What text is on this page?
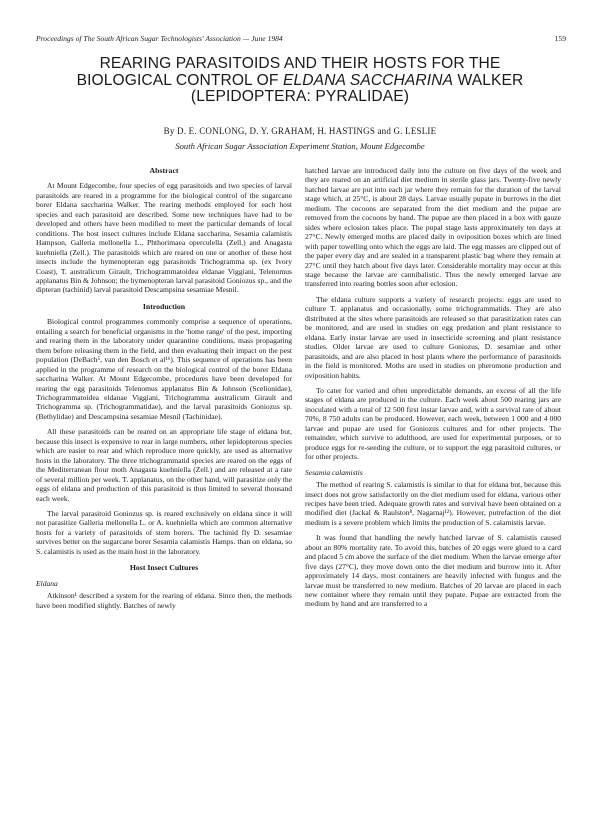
Proceedings of The South African Sugar Technologists' Association — June 1984	159
REARING PARASITOIDS AND THEIR HOSTS FOR THE
BIOLOGICAL CONTROL OF ELDANA SACCHARINA WALKER
(LEPIDOPTERA: PYRALIDAE)
By D. E. CONLONG, D. Y. GRAHAM, H. HASTINGS and G. LESLIE
South African Sugar Association Experiment Station, Mount Edgecombe
Abstract

At Mount Edgecombe, four species of egg parasitoids and two species of larval parasitoids are reared in a programme for the biological control of the sugarcane borer Eldana saccharina Walker. The rearing methods employed for each host species and each parasitoid are described. Some new techniques have had to be developed and others have been modified to meet the particular demands of local conditions. The host insect cultures include Eldana saccharina, Sesamia calamistis Hampson, Galleria mellonella L., Phthorimaea operculella (Zell.) and Anagasta kuehniella (Zell.). The parasitoids which are reared on one or another of these host insects include the hymenopteran egg parasitoids Trichogramma sp. (ex Ivory Coast), T. australicum Girault, Trichogrammatoidea eldanae Viggiani, Telenomus applanatus Bin & Johnson; the hymenopteran larval parasitoid Goniozus sp., and the dipteran (tachinid) larval parasitoid Descampsina sesamiae Mesnil.

Introduction

Biological control programmes commonly comprise a sequence of operations, entailing a search for beneficial organisms in the 'home range' of the pest, importing and rearing them in the laboratory under quarantine conditions, mass propagating them before releasing them in the field, and then evaluating their impact on the pest population (DeBach⁵, van den Bosch et al¹⁶). This sequence of operations has been applied in the programme of research on the biological control of the borer Eldana saccharina Walker. At Mount Edgecombe, procedures have been developed for rearing the egg parasitoids Telenomus applanatus Bin & Johnson (Scelionidae), Trichogrammatoidea eldanae Viggiani, Trichogramma australicum Girault and Trichogramma sp. (Trichogrammatidae), and the larval parasitoids Goniozus sp. (Bethylidae) and Descampsina sesamiae Mesnil (Tachinidae).

All these parasitoids can be reared on an appropriate life stage of eldana but, because this insect is expensive to rear in large numbers, other lepidopterous species which are easier to rear and which reproduce more quickly, are used as alternative hosts in the laboratory. The three trichogrammatid species are reared on the eggs of the Mediterranean flour moth Anagasta kuehniella (Zell.) and are released at a rate of several million per week. T. applanatus, on the other hand, will parasitize only the eggs of eldana and production of this parasitoid is thus limited to several thousand each week.

The larval parasitoid Goniozus sp. is reared exclusively on eldana since it will not parasitize Galleria mellonella L. or A. kuehniella which are common alternative hosts for a variety of parasitoids of stem borers. The tachinid fly D. sesamiae survives better on the sugarcane borer Sesamia calamistis Hamps. than on eldana, so S. calamistis is used as the main host in the laboratory.

Host Insect Cultures
Eldana

Atkinson¹ described a system for the rearing of eldana. Since then, the methods have been modified slightly. Batches of newly

hatched larvae are introduced daily into the culture on five days of the week and they are reared on an artificial diet medium in sterile glass jars. Twenty-five newly hatched larvae are put into each jar where they remain for the duration of the larval stage which, at 25°C, is about 28 days. Larvae usually pupate in burrows in the diet medium. The cocoons are separated from the diet medium and the pupae are removed from the cocoons by hand. The pupae are then placed in a box with gauze sides where eclosion takes place. The pupal stage lasts approximately ten days at 27°C. Newly emerged moths are placed daily in oviposition boxes which are lined with paper towelling onto which the eggs are laid. The egg masses are clipped out of the paper every day and are sealed in a transparent plastic bag where they remain at 27°C until they hatch about five days later. Considerable mortality may occur at this stage because the larvae are cannibalistic. Thus the newly emerged larvae are transferred into rearing bottles soon after eclosion.

The eldana culture supports a variety of research projects: eggs are used to culture T. applanatus and occasionally, some trichogrammatids. They are also distributed at the sites where parasitoids are released so that parasitization rates can be monitored, and are used in studies on egg predation and plant resistance to eldana. Early instar larvae are used in insecticide screening and plant resistance studies. Older larvae are used to culture Goniozus, D. sesamiae and other parasitoids, and are also placed in host plants where the performance of parasitoids in the field is monitored. Moths are used in studies on pheromone production and oviposition habits.

To cater for varied and often unpredictable demands, an excess of all the life stages of eldana are produced in the culture. Each week about 500 rearing jars are inoculated with a total of 12 500 first instar larvae and, with a survival rate of about 70%, 8 750 adults can be produced. However, each week, between 1 000 and 4 000 larvae and pupae are used for Goniozus cultures and for other projects. The remainder, which survive to adulthood, are used for experimental purposes, or to produce eggs for re-seeding the culture, or to support the egg parasitoid cultures, or for other projects.

Sesamia calamistis

The method of rearing S. calamistis is similar to that for eldana but, because this insect does not grow satisfactorily on the diet medium used for eldana, various other recipes have been tried. Adequate growth rates and survival have been obtained on a modified diet (Jackal & Raulston⁸, Nagarnaj¹²). However, putrefaction of the diet medium is a severe problem which limits the production of S. calamistis larvae.

It was found that handling the newly hatched larvae of S. calamistis caused about an 80% mortality rate. To avoid this, batches of 20 eggs were glued to a card and placed 5 cm above the surface of the diet medium. When the larvae emerge after five days (27°C), they move down onto the diet medium and burrow into it. After approximately 14 days, most containers are heavily infected with fungus and the larvae must be transferred to new medium. Batches of 20 larvae are placed in each new container where they remain until they pupate. Pupae are extracted from the medium by hand and are transferred to a
